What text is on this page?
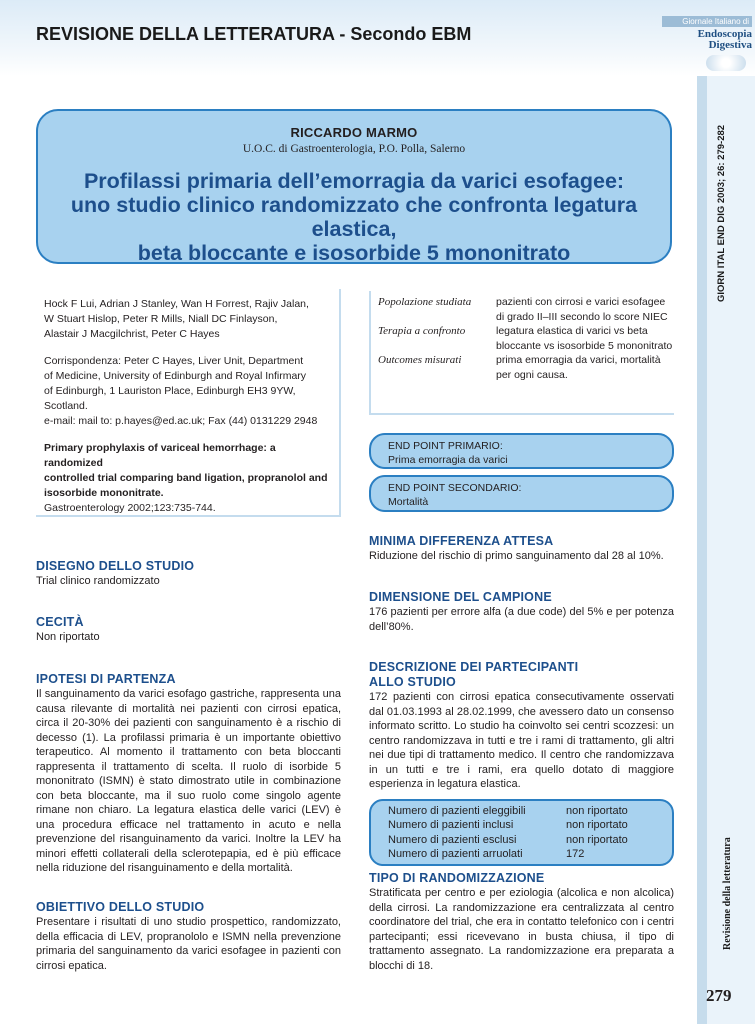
REVISIONE DELLA LETTERATURA - Secondo EBM
Giornale Italiano di
Endoscopia
Digestiva
GIORN ITAL END DIG 2003; 26: 279-282
Revisione della letteratura
279
RICCARDO MARMO
U.O.C. di Gastroenterologia, P.O. Polla, Salerno
Profilassi primaria dell’emorragia da varici esofagee:
uno studio clinico randomizzato che confronta legatura elastica,
beta bloccante e isosorbide 5 mononitrato

Hock F Lui, Adrian J Stanley, Wan H Forrest, Rajiv Jalan,

W Stuart Hislop, Peter R Mills, Niall DC Finlayson,

Alastair J Macgilchrist, Peter C Hayes

Corrispondenza: Peter C Hayes, Liver Unit, Department

of Medicine, University of Edinburgh and Royal Infirmary

of Edinburgh, 1 Lauriston Place, Edinburgh EH3 9YW,

Scotland.

e-mail: mail to: p.hayes@ed.ac.uk; Fax (44) 0131229 2948

Primary prophylaxis of variceal hemorrhage: a randomized

controlled trial comparing band ligation, propranolol and

isosorbide mononitrate.

Gastroenterology 2002;123:735-744.

Popolazione studiata	pazienti con cirrosi e varici esofagee di grado II–III secondo lo score NIEC
Terapia a confronto	legatura elastica di varici vs beta bloccante vs isosorbide 5 mononitrato
Outcomes misurati	prima emorragia da varici, mortalità per ogni causa.
END POINT PRIMARIO:
Prima emorragia da varici
END POINT SECONDARIO:
Mortalità
DISEGNO DELLO STUDIO
Trial clinico randomizzato
CECITÀ
Non riportato
IPOTESI DI PARTENZA
Il sanguinamento da varici esofago gastriche, rappresenta una causa rilevante di mortalità nei pazienti con cirrosi epatica, circa il 20-30% dei pazienti con sanguinamento è a rischio di decesso (1). La profilassi primaria è un importante obiettivo terapeutico. Al momento il trattamento con beta bloccanti rappresenta il trattamento di scelta. Il ruolo di isorbide 5 mononitrato (ISMN) è stato dimostrato utile in combinazione con beta bloccante, ma il suo ruolo come singolo agente rimane non chiaro. La legatura elastica delle varici (LEV) è una procedura efficace nel trattamento in acuto e nella prevenzione del risanguinamento da varici. Inoltre la LEV ha minori effetti collaterali della sclerotерapia, ed è più efficace nella riduzione del risanguinamento e della mortalità.
OBIETTIVO DELLO STUDIO
Presentare i risultati di uno studio prospettico, randomizzato, della efficacia di LEV, propranololo e ISMN nella prevenzione primaria del sanguinamento da varici esofagee in pazienti con cirrosi epatica.
MINIMA DIFFERENZA ATTESA
Riduzione del rischio di primo sanguinamento dal 28 al 10%.
DIMENSIONE DEL CAMPIONE
176 pazienti per errore alfa (a due code) del 5% e per potenza dell’80%.
DESCRIZIONE DEI PARTECIPANTI
ALLO STUDIO
172 pazienti con cirrosi epatica consecutivamente osservati dal 01.03.1993 al 28.02.1999, che avessero dato un consenso informato scritto. Lo studio ha coinvolto sei centri scozzesi: un centro randomizzava in tutti e tre i rami di trattamento, gli altri nei due tipi di trattamento medico. Il centro che randomizzava in un tutti e tre i rami, era quello dotato di maggiore esperienza in legatura elastica.
Numero di pazienti eleggibili	non riportato
Numero di pazienti inclusi	non riportato
Numero di pazienti esclusi	non riportato
Numero di pazienti arruolati	172
TIPO DI RANDOMIZZAZIONE
Stratificata per centro e per eziologia (alcolica e non alcolica) della cirrosi. La randomizzazione era centralizzata al centro coordinatore del trial, che era in contatto telefonico con i centri partecipanti; essi ricevevano in busta chiusa, il tipo di trattamento assegnato. La randomizzazione era preparata a blocchi di 18.
